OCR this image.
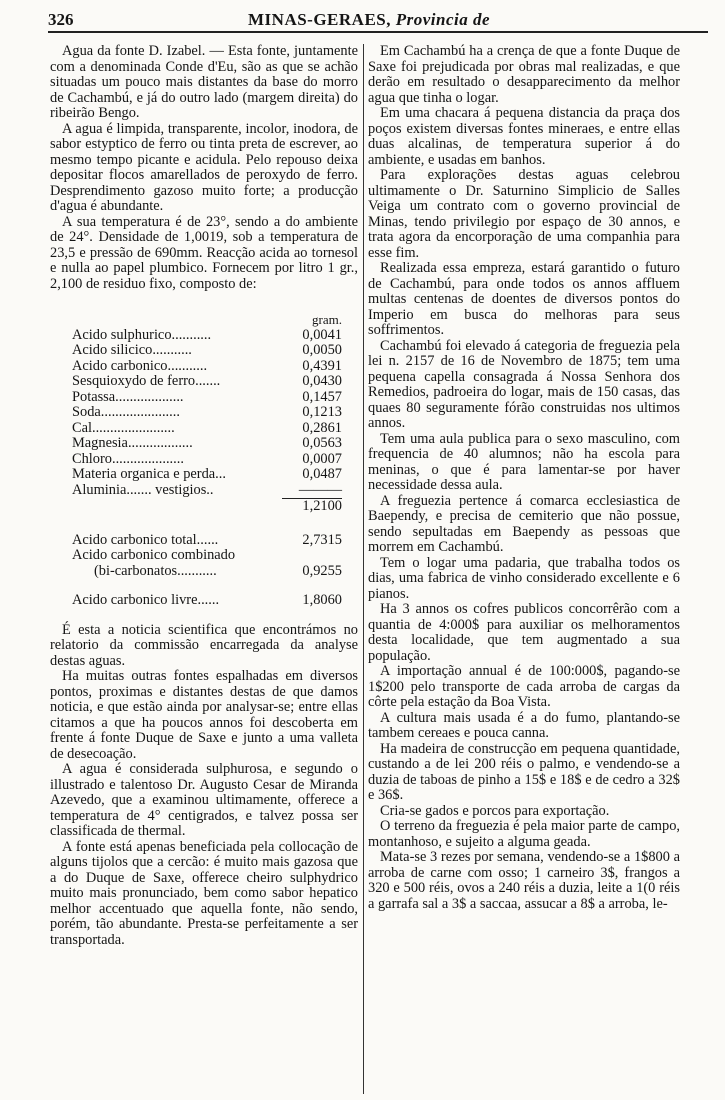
326	MINAS-GERAES, Provincia de

Agua da fonte D. Izabel. — Esta fonte, juntamente com a denominada Conde d'Eu, são as que se achão situadas um pouco mais distantes da base do morro de Cachambú, e já do outro lado (margem direita) do ribeirão Bengo.

A agua é limpida, transparente, incolor, inodora, de sabor estyptico de ferro ou tinta preta de escrever, ao mesmo tempo picante e acidula. Pelo repouso deixa depositar flocos amarellados de peroxydo de ferro. Desprendimento gazoso muito forte; a producção d'agua é abundante.

A sua temperatura é de 23°, sendo a do ambiente de 24°. Densidade de 1,0019, sob a temperatura de 23,5 e pressão de 690mm. Reacção acida ao tornesol e nulla ao papel plumbico. Fornecem por litro 1 gr., 2,100 de residuo fixo, composto de:

	gram.
Acido sulphurico...........	0,0041
Acido silicico...........	0,0050
Acido carbonico...........	0,4391
Sesquioxydo de ferro.......	0,0430
Potassa...................	0,1457
Soda......................	0,1213
Cal.......................	0,2861
Magnesia..................	0,0563
Chloro....................	0,0007
Materia organica e perda...	0,0487
Aluminia....... vestigios..	———
	1,2100

Acido carbonico total......	2,7315
Acido carbonico combinado	
(bi-carbonatos...........	0,9255

Acido carbonico livre......	1,8060

É esta a noticia scientifica que encontrámos no relatorio da commissão encarregada da analyse destas aguas.

Ha muitas outras fontes espalhadas em diversos pontos, proximas e distantes destas de que damos noticia, e que estão ainda por analysar-se; entre ellas citamos a que ha poucos annos foi descoberta em frente á fonte Duque de Saxe e junto a uma valleta de desecoação.

A agua é considerada sulphurosa, e segundo o illustrado e talentoso Dr. Augusto Cesar de Miranda Azevedo, que a examinou ultimamente, offerece a temperatura de 4° centigrados, e talvez possa ser classificada de thermal.

A fonte está apenas beneficiada pela collocação de alguns tijolos que a cercão: é muito mais gazosa que a do Duque de Saxe, offerece cheiro sulphydrico muito mais pronunciado, bem como sabor hepatico melhor accentuado que aquella fonte, não sendo, porém, tão abundante. Presta-se perfeitamente a ser transportada.

Em Cachambú ha a crença de que a fonte Duque de Saxe foi prejudicada por obras mal realizadas, e que derão em resultado o desapparecimento da melhor agua que tinha o logar.

Em uma chacara á pequena distancia da praça dos poços existem diversas fontes mineraes, e entre ellas duas alcalinas, de temperatura superior á do ambiente, e usadas em banhos.

Para explorações destas aguas celebrou ultimamente o Dr. Saturnino Simplicio de Salles Veiga um contrato com o governo provincial de Minas, tendo privilegio por espaço de 30 annos, e trata agora da encorporação de uma companhia para esse fim.

Realizada essa empreza, estará garantido o futuro de Cachambú, para onde todos os annos affluem multas centenas de doentes de diversos pontos do Imperio em busca do melhoras para seus soffrimentos.

Cachambú foi elevado á categoria de freguezia pela lei n. 2157 de 16 de Novembro de 1875; tem uma pequena capella consagrada á Nossa Senhora dos Remedios, padroeira do logar, mais de 150 casas, das quaes 80 seguramente fórão construidas nos ultimos annos.

Tem uma aula publica para o sexo masculino, com frequencia de 40 alumnos; não ha escola para meninas, o que é para lamentar-se por haver necessidade dessa aula.

A freguezia pertence á comarca ecclesiastica de Baependy, e precisa de cemiterio que não possue, sendo sepultadas em Baependy as pessoas que morrem em Cachambú.

Tem o logar uma padaria, que trabalha todos os dias, uma fabrica de vinho considerado excellente e 6 pianos.

Ha 3 annos os cofres publicos concorrêrão com a quantia de 4:000$ para auxiliar os melhoramentos desta localidade, que tem augmentado a sua população.

A importação annual é de 100:000$, pagando-se 1$200 pelo transporte de cada arroba de cargas da côrte pela estação da Boa Vista.

A cultura mais usada é a do fumo, plantando-se tambem cereaes e pouca canna.

Ha madeira de construcção em pequena quantidade, custando a de lei 200 réis o palmo, e vendendo-se a duzia de taboas de pinho a 15$ e 18$ e de cedro a 32$ e 36$.

Cria-se gados e porcos para exportação.

O terreno da freguezia é pela maior parte de campo, montanhoso, e sujeito a alguma geada.

Mata-se 3 rezes por semana, vendendo-se a 1$800 a arroba de carne com osso; 1 carneiro 3$, frangos a 320 e 500 réis, ovos a 240 réis a duzia, leite a 1(0 réis a garrafa sal a 3$ a saccaa, assucar a 8$ a arroba, le-
